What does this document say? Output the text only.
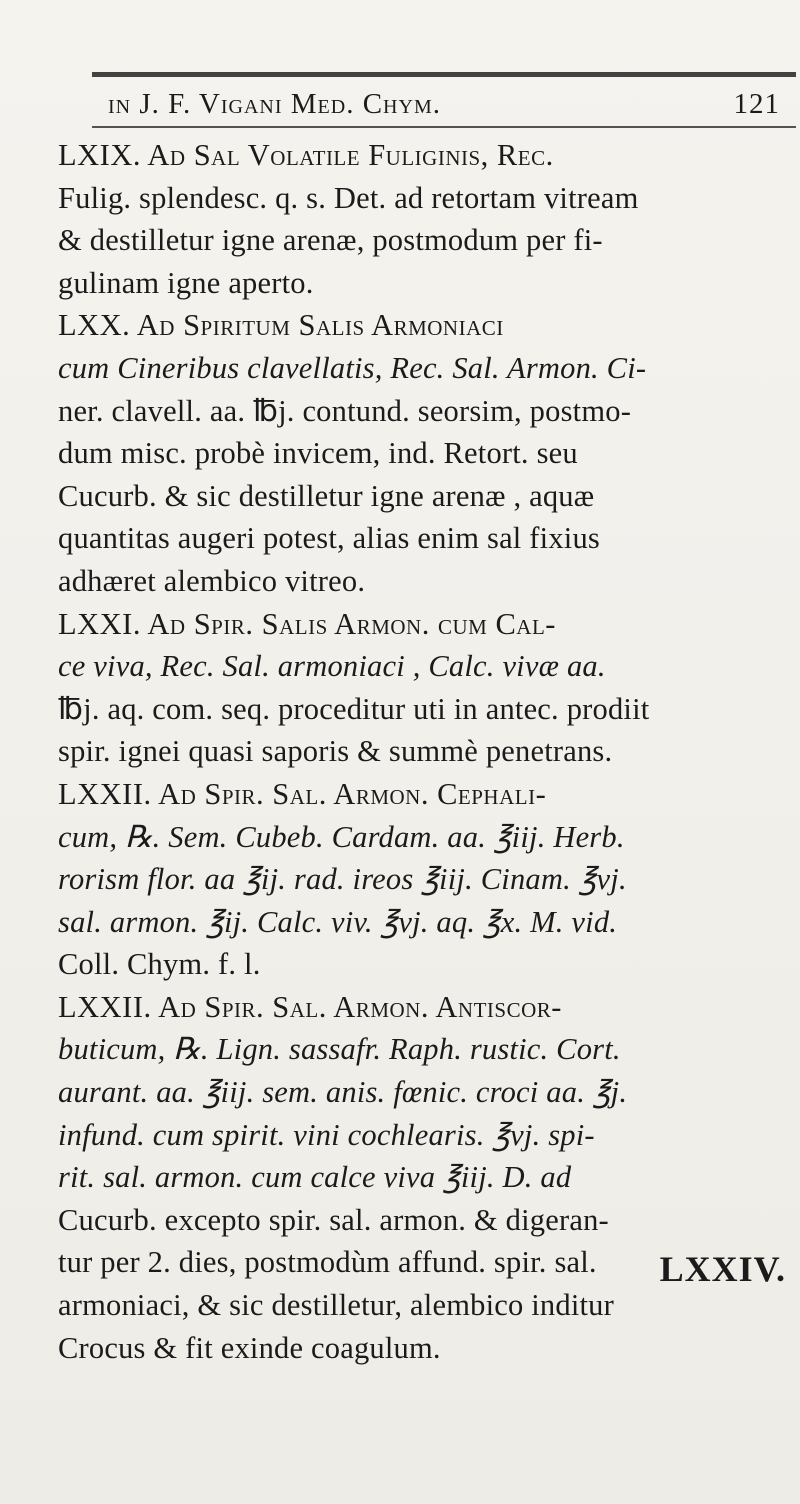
in J. F. Vigani Med. Chym.	121
LXIX. Ad Sal Volatile Fuliginis, Rec.
Fulig. splendesc. q. s. Det. ad retortam vitream
& destilletur igne arenæ, postmodum per fi-
gulinam igne aperto.
LXX. Ad Spiritum Salis Armoniaci
cum Cineribus clavellatis, Rec. Sal. Armon. Ci-
ner. clavell. aa. ℔j. contund. seorsim, postmo-
dum misc. probè invicem, ind. Retort. seu
Cucurb. & sic destilletur igne arenæ , aquæ
quantitas augeri potest, alias enim sal fixius
adhæret alembico vitreo.
LXXI. Ad Spir. Salis Armon. cum Cal-
ce viva, Rec. Sal. armoniaci , Calc. vivæ aa.
℔j. aq. com. seq. proceditur uti in antec. prodiit
spir. ignei quasi saporis & summè penetrans.
LXXII. Ad Spir. Sal. Armon. Cephali-
cum, ℞. Sem. Cubeb. Cardam. aa. ℥iij. Herb.
rorism flor. aa ℥ij. rad. ireos ℥iij. Cinam. ℥vj.
sal. armon. ℥ij. Calc. viv. ℥vj. aq. ℥x. M. vid.
Coll. Chym. f. l.
LXXII. Ad Spir. Sal. Armon. Antiscor-
buticum, ℞. Lign. sassafr. Raph. rustic. Cort.
aurant. aa. ℥iij. sem. anis. fœnic. croci aa. ℥j.
infund. cum spirit. vini cochlearis. ℥vj. spi-
rit. sal. armon. cum calce viva ℥iij. D. ad
Cucurb. excepto spir. sal. armon. & digeran-
tur per 2. dies, postmodùm affund. spir. sal.
armoniaci, & sic destilletur, alembico inditur
Crocus & fit exinde coagulum.
LXXIV.
